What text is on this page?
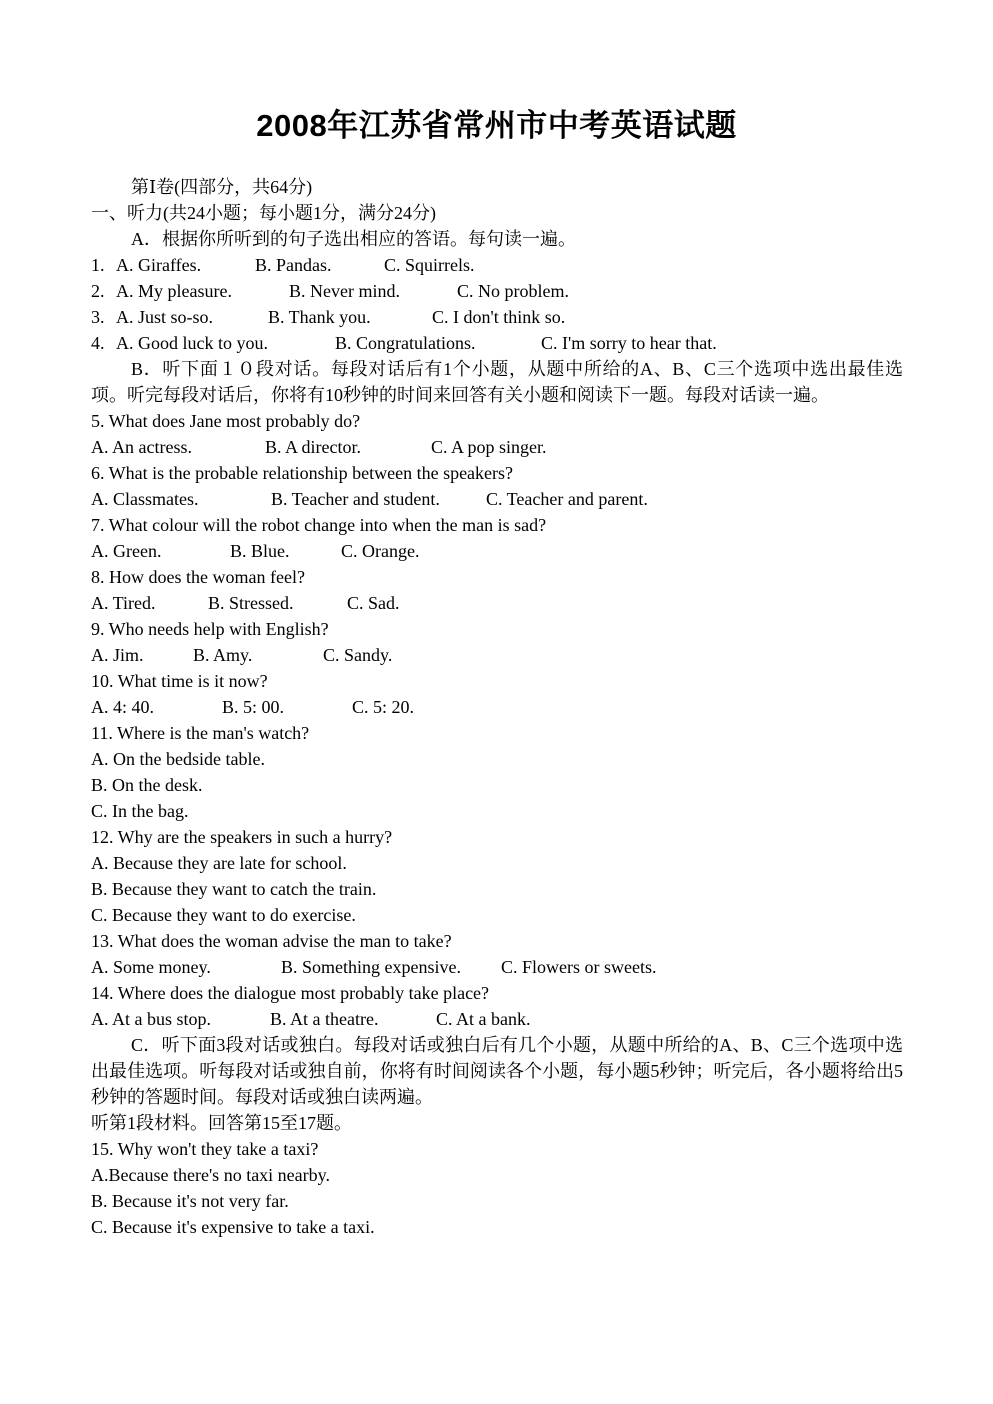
2008年江苏省常州市中考英语试题
第Ⅰ卷(四部分，共64分)
一、听力(共24小题；每小题1分，满分24分)
A．根据你所听到的句子选出相应的答语。每句读一遍。
1. A. Giraffes.	B. Pandas.	C. Squirrels.
2. A. My pleasure.	B. Never mind.	C. No problem.
3. A. Just so-so.	B. Thank you.	C. I don't think so.
4. A. Good luck to you.	B. Congratulations.	C. I'm sorry to hear that.
B．听下面１０段对话。每段对话后有1个小题，从题中所给的A、B、C三个选项中选出最佳选项。听完每段对话后，你将有10秒钟的时间来回答有关小题和阅读下一题。每段对话读一遍。
5. What does Jane most probably do?
A. An actress.	B. A director.	C. A pop singer.
6. What is the probable relationship between the speakers?
A. Classmates.	B. Teacher and student.	C. Teacher and parent.
7. What colour will the robot change into when the man is sad?
A. Green.	B. Blue.	C. Orange.
8. How does the woman feel?
A. Tired.	B. Stressed.	C. Sad.
9. Who needs help with English?
A. Jim.	B. Amy.	C. Sandy.
10. What time is it now?
A. 4: 40.	B. 5: 00.	C. 5: 20.
11. Where is the man's watch?
A. On the bedside table.
B. On the desk.
C. In the bag.
12. Why are the speakers in such a hurry?
A. Because they are late for school.
B. Because they want to catch the train.
C. Because they want to do exercise.
13. What does the woman advise the man to take?
A. Some money.	B. Something expensive. C. Flowers or sweets.
14. Where does the dialogue most probably take place?
A. At a bus stop.	B. At a theatre.	C. At a bank.
C．听下面3段对话或独白。每段对话或独白后有几个小题，从题中所给的A、B、C三个选项中选出最佳选项。听每段对话或独自前，你将有时间阅读各个小题，每小题5秒钟；听完后，各小题将给出5秒钟的答题时间。每段对话或独白读两遍。
听第1段材料。回答第15至17题。
15. Why won't they take a taxi?
A.Because there's no taxi nearby.
B. Because it's not very far.
C. Because it's expensive to take a taxi.
